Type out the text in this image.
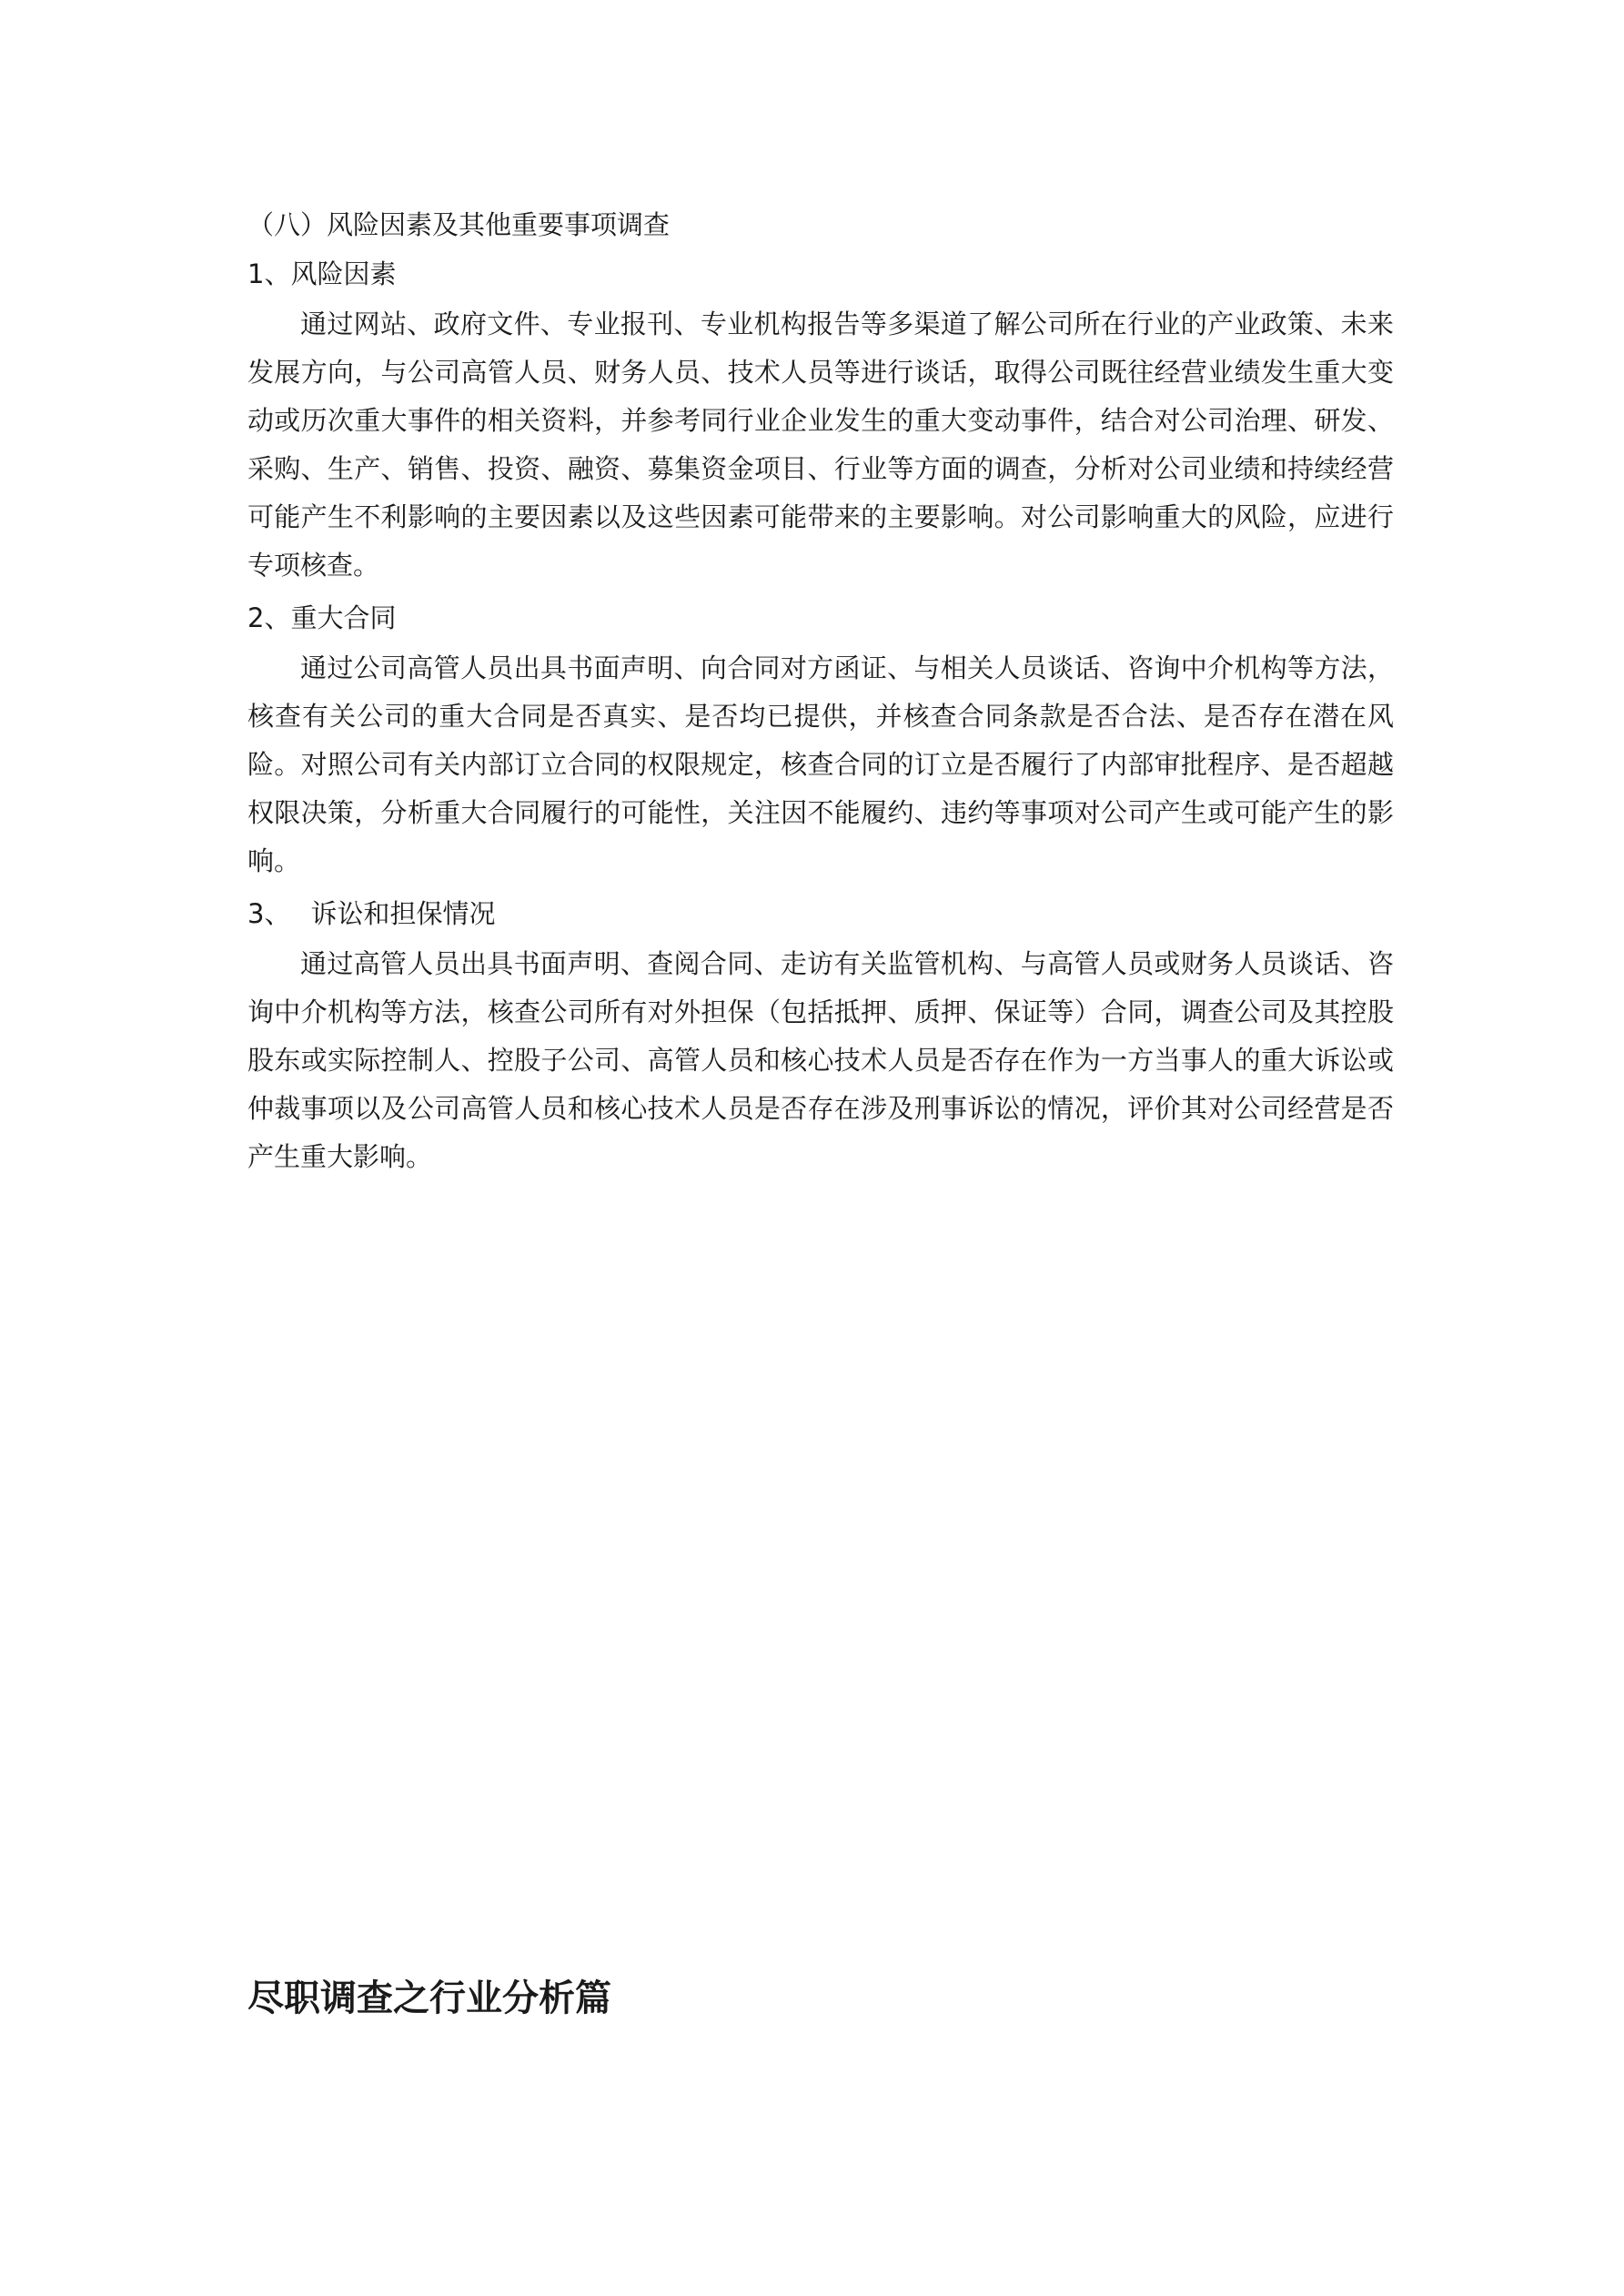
（八）风险因素及其他重要事项调查
1、风险因素

通过网站、政府文件、专业报刊、专业机构报告等多渠道了解公司所在行业的产业政策、未来发展方向，与公司高管人员、财务人员、技术人员等进行谈话，取得公司既往经营业绩发生重大变动或历次重大事件的相关资料，并参考同行业企业发生的重大变动事件，结合对公司治理、研发、采购、生产、销售、投资、融资、募集资金项目、行业等方面的调查，分析对公司业绩和持续经营可能产生不利影响的主要因素以及这些因素可能带来的主要影响。对公司影响重大的风险，应进行专项核查。

2、重大合同

通过公司高管人员出具书面声明、向合同对方函证、与相关人员谈话、咨询中介机构等方法，核查有关公司的重大合同是否真实、是否均已提供，并核查合同条款是否合法、是否存在潜在风险。对照公司有关内部订立合同的权限规定，核查合同的订立是否履行了内部审批程序、是否超越权限决策，分析重大合同履行的可能性，关注因不能履约、违约等事项对公司产生或可能产生的影响。

3、 诉讼和担保情况

通过高管人员出具书面声明、查阅合同、走访有关监管机构、与高管人员或财务人员谈话、咨询中介机构等方法，核查公司所有对外担保（包括抵押、质押、保证等）合同，调查公司及其控股股东或实际控制人、控股子公司、高管人员和核心技术人员是否存在作为一方当事人的重大诉讼或仲裁事项以及公司高管人员和核心技术人员是否存在涉及刑事诉讼的情况，评价其对公司经营是否产生重大影响。

尽职调查之行业分析篇
